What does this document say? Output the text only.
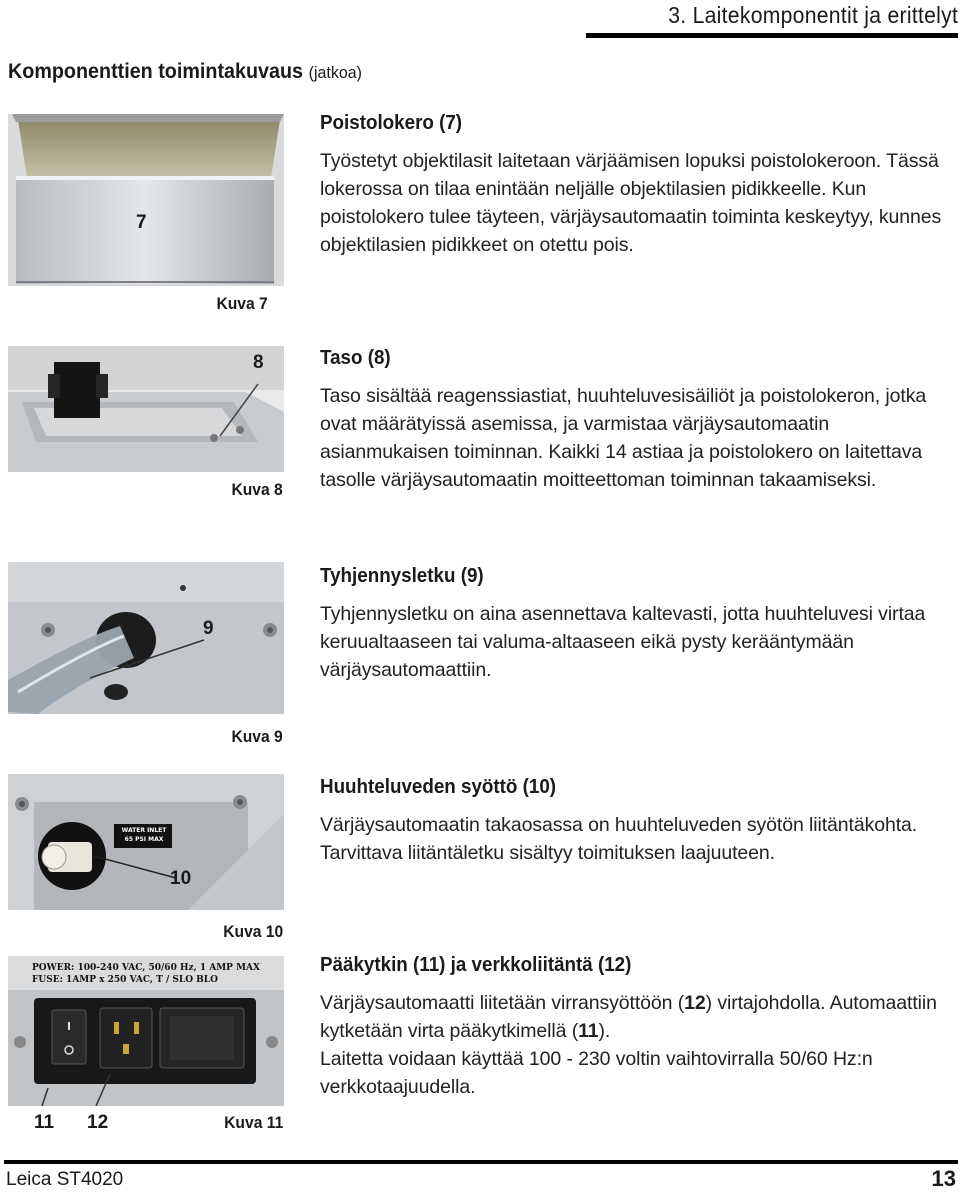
3. Laitekomponentit ja erittelyt
Komponenttien toimintakuvaus (jatkoa)
7
Kuva 7
Poistolokero (7)

Työstetyt objektilasit laitetaan värjäämisen lopuksi poistolokeroon. Tässä lokerossa on tilaa enintään neljälle objektilasien pidikkeelle. Kun poistolokero tulee täyteen, värjäysautomaatin toiminta keskeytyy, kunnes objektilasien pidikkeet on otettu pois.

8
Kuva 8
Taso (8)

Taso sisältää reagenssiastiat, huuhteluvesisäiliöt ja poistolokeron, jotka ovat määrätyissä asemissa, ja varmistaa värjäysautomaatin asianmukaisen toiminnan. Kaikki 14 astiaa ja poistolokero on laitettava tasolle värjäysautomaatin moitteettoman toiminnan takaamiseksi.

9
Kuva 9
Tyhjennysletku (9)

Tyhjennysletku on aina asennettava kaltevasti, jotta huuhteluvesi virtaa keruualtaaseen tai valuma-altaaseen eikä pysty kerääntymään värjäysautomaattiin.

WATER INLET
65 PSI MAX
10
Kuva 10
Huuhteluveden syöttö (10)

Värjäysautomaatin takaosassa on huuhteluveden syötön liitäntäkohta. Tarvittava liitäntäletku sisältyy toimituksen laajuuteen.

POWER: 100-240 VAC, 50/60 Hz, 1 AMP MAX
FUSE: 1AMP x 250 VAC, T / SLO BLO
11 12	Kuva 11
Pääkytkin (11) ja verkkoliitäntä (12)

Värjäysautomaatti liitetään virransyöttöön (12) virtajohdolla. Automaattiin kytketään virta pääkytkimellä (11).

Laitetta voidaan käyttää 100 - 230 voltin vaihtovirralla 50/60 Hz:n verkkotaajuudella.

Leica ST4020	13
